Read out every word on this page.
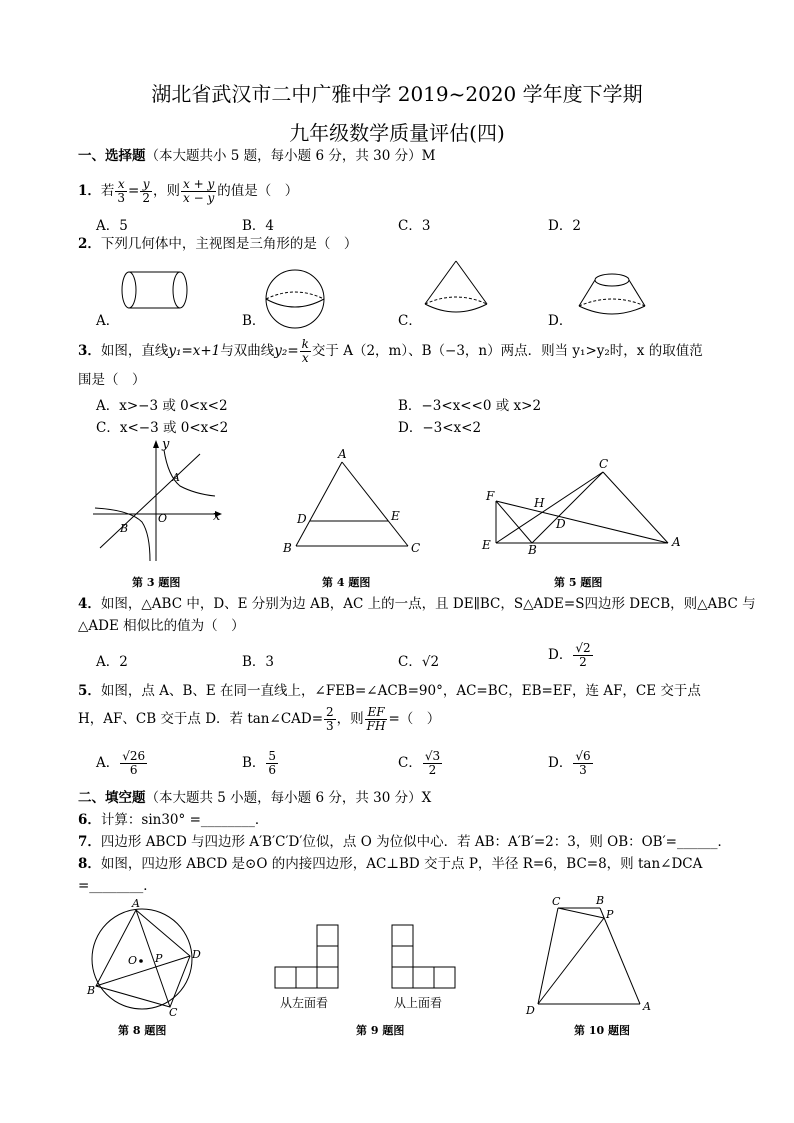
湖北省武汉市二中广雅中学 2019~2020 学年度下学期
九年级数学质量评估(四)
一、选择题（本大题共小 5 题，每小题 6 分，共 30 分）M
1．若 $\frac{x}{3} = \frac{y}{2}$ ，则 $\frac{x + y}{x - y}$ 的值是（　）
A．5	B．4	C．3	D．2
2．下列几何体中，主视图是三角形的是（　）
A．	B．	C．	D．
3．如图，直线y₁=x+1与双曲线$y_2= \frac{k}{x}$ 交于 A（2，m）、B（−3，n）两点．则当 y₁>y₂时，x 的取值范
围是（　）
A．x>−3 或 0<x<2	B．−3<x<<0 或 x>2
C．x<−3 或 0<x<2	D．−3<x<2
y
x
A
B
O
第 3 题图
A
B	C
D	E
第 4 题图
C
F	H
D
E	B
A
第 5 题图
4．如图，△ABC 中，D、E 分别为边 AB，AC 上的一点，且 DE∥BC，S△ADE=S四边形 DECB，则△ABC 与
△ADE 相似比的值为（　）
A．2	B．3	C．√2	D． $\frac{√2}{2}$
5．如图，点 A、B、E 在同一直线上，∠FEB=∠ACB=90°，AC=BC，EB=EF，连 AF，CE 交于点
H，AF、CB 交于点 D．若 tan∠CAD= $\frac{2}{3}$ ，则 $\frac{EF}{FH}$ =（　）
A． $\frac{√26}{6}$	B． $\frac{5}{6}$	C． $\frac{√3}{2}$	D． $\frac{√6}{3}$
二、填空题（本大题共 5 小题，每小题 6 分，共 30 分）X
6．计算：sin30° =________．
7．四边形 ABCD 与四边形 A′B′C′D′位似，点 O 为位似中心．若 AB：A′B′=2：3，则 OB：OB′=______．
8．如图，四边形 ABCD 是⊙O 的内接四边形，AC⊥BD 交于点 P，半径 R=6，BC=8，则 tan∠DCA
=________．
A
B
C
D
O P
第 8 题图
从左面看	从上面看
第 9 题图
C	B
P
D	A
第 10 题图
